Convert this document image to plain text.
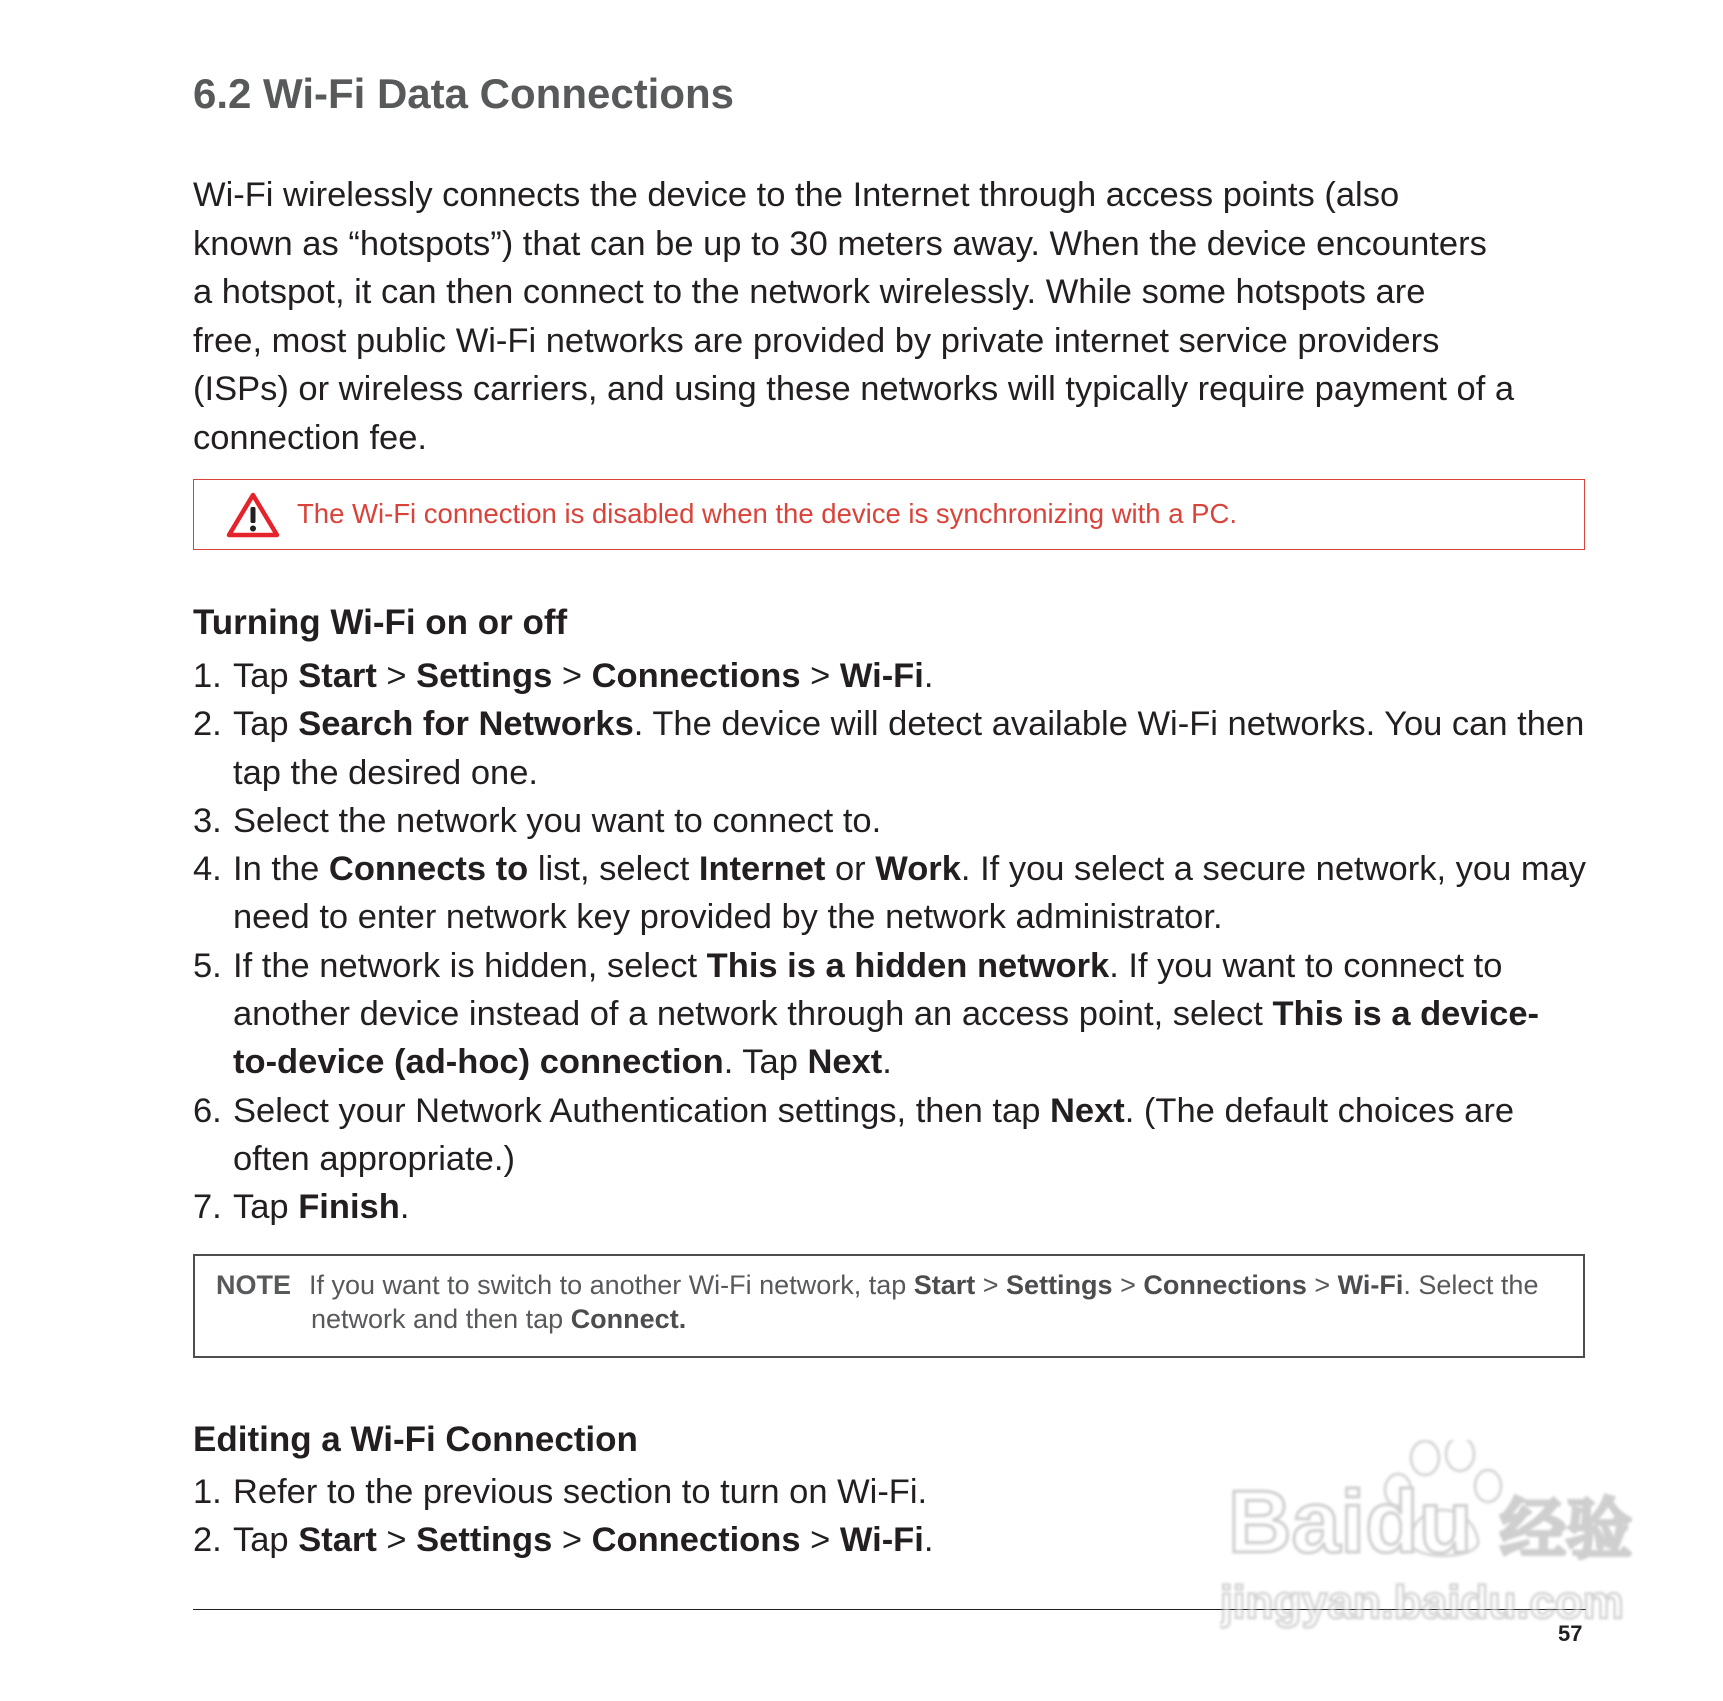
6.2 Wi-Fi Data Connections

Wi-Fi wirelessly connects the device to the Internet through access points (also
known as “hotspots”) that can be up to 30 meters away. When the device encounters
a hotspot, it can then connect to the network wirelessly. While some hotspots are
free, most public Wi-Fi networks are provided by private internet service providers
(ISPs) or wireless carriers, and using these networks will typically require payment of a
connection fee.

The Wi-Fi connection is disabled when the device is synchronizing with a PC.
Turning Wi-Fi on or off
1. Tap Start > Settings > Connections > Wi-Fi.
2. Tap Search for Networks. The device will detect available Wi-Fi networks. You can then tap the desired one.
3. Select the network you want to connect to.
4. In the Connects to list, select Internet or Work. If you select a secure network, you may need to enter network key provided by the network administrator.
5. If the network is hidden, select This is a hidden network. If you want to connect to another device instead of a network through an access point, select This is a device-to-device (ad-hoc) connection. Tap Next.
6. Select your Network Authentication settings, then tap Next. (The default choices are often appropriate.)
7. Tap Finish.
NOTE If you want to switch to another Wi-Fi network, tap Start > Settings > Connections > Wi-Fi. Select the network and then tap Connect.
Editing a Wi-Fi Connection
1. Refer to the previous section to turn on Wi-Fi.
2. Tap Start > Settings > Connections > Wi-Fi.
57
Baidu 经验
jingyan.baidu.com
